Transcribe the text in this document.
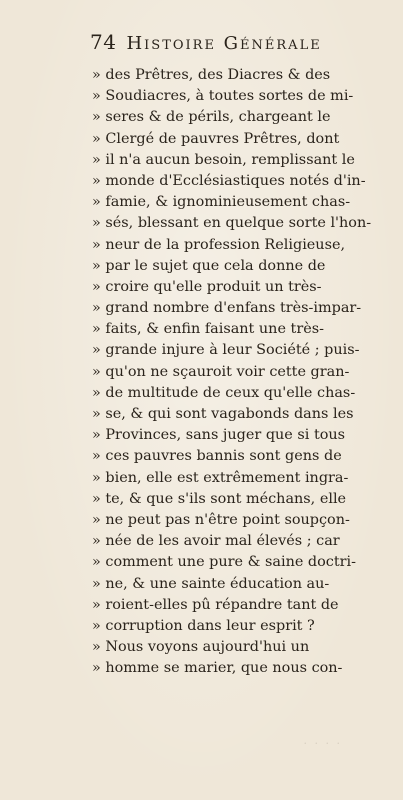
74 Histoire Générale
» des Prêtres, des Diacres & des
» Soudiacres, à toutes sortes de mi-
» seres & de périls, chargeant le
» Clergé de pauvres Prêtres, dont
» il n'a aucun besoin, remplissant le
» monde d'Ecclésiastiques notés d'in-
» famie, & ignominieusement chas-
» sés, blessant en quelque sorte l'hon-
» neur de la profession Religieuse,
» par le sujet que cela donne de
» croire qu'elle produit un très-
» grand nombre d'enfans très-impar-
» faits, & enfin faisant une très-
» grande injure à leur Société ; puis-
» qu'on ne sçauroit voir cette gran-
» de multitude de ceux qu'elle chas-
» se, & qui sont vagabonds dans les
» Provinces, sans juger que si tous
» ces pauvres bannis sont gens de
» bien, elle est extrêmement ingra-
» te, & que s'ils sont méchans, elle
» ne peut pas n'être point soupçon-
» née de les avoir mal élevés ; car
» comment une pure & saine doctri-
» ne, & une sainte éducation au-
» roient-elles pû répandre tant de
» corruption dans leur esprit ?
» Nous voyons aujourd'hui un
» homme se marier, que nous con-
· · · ·
